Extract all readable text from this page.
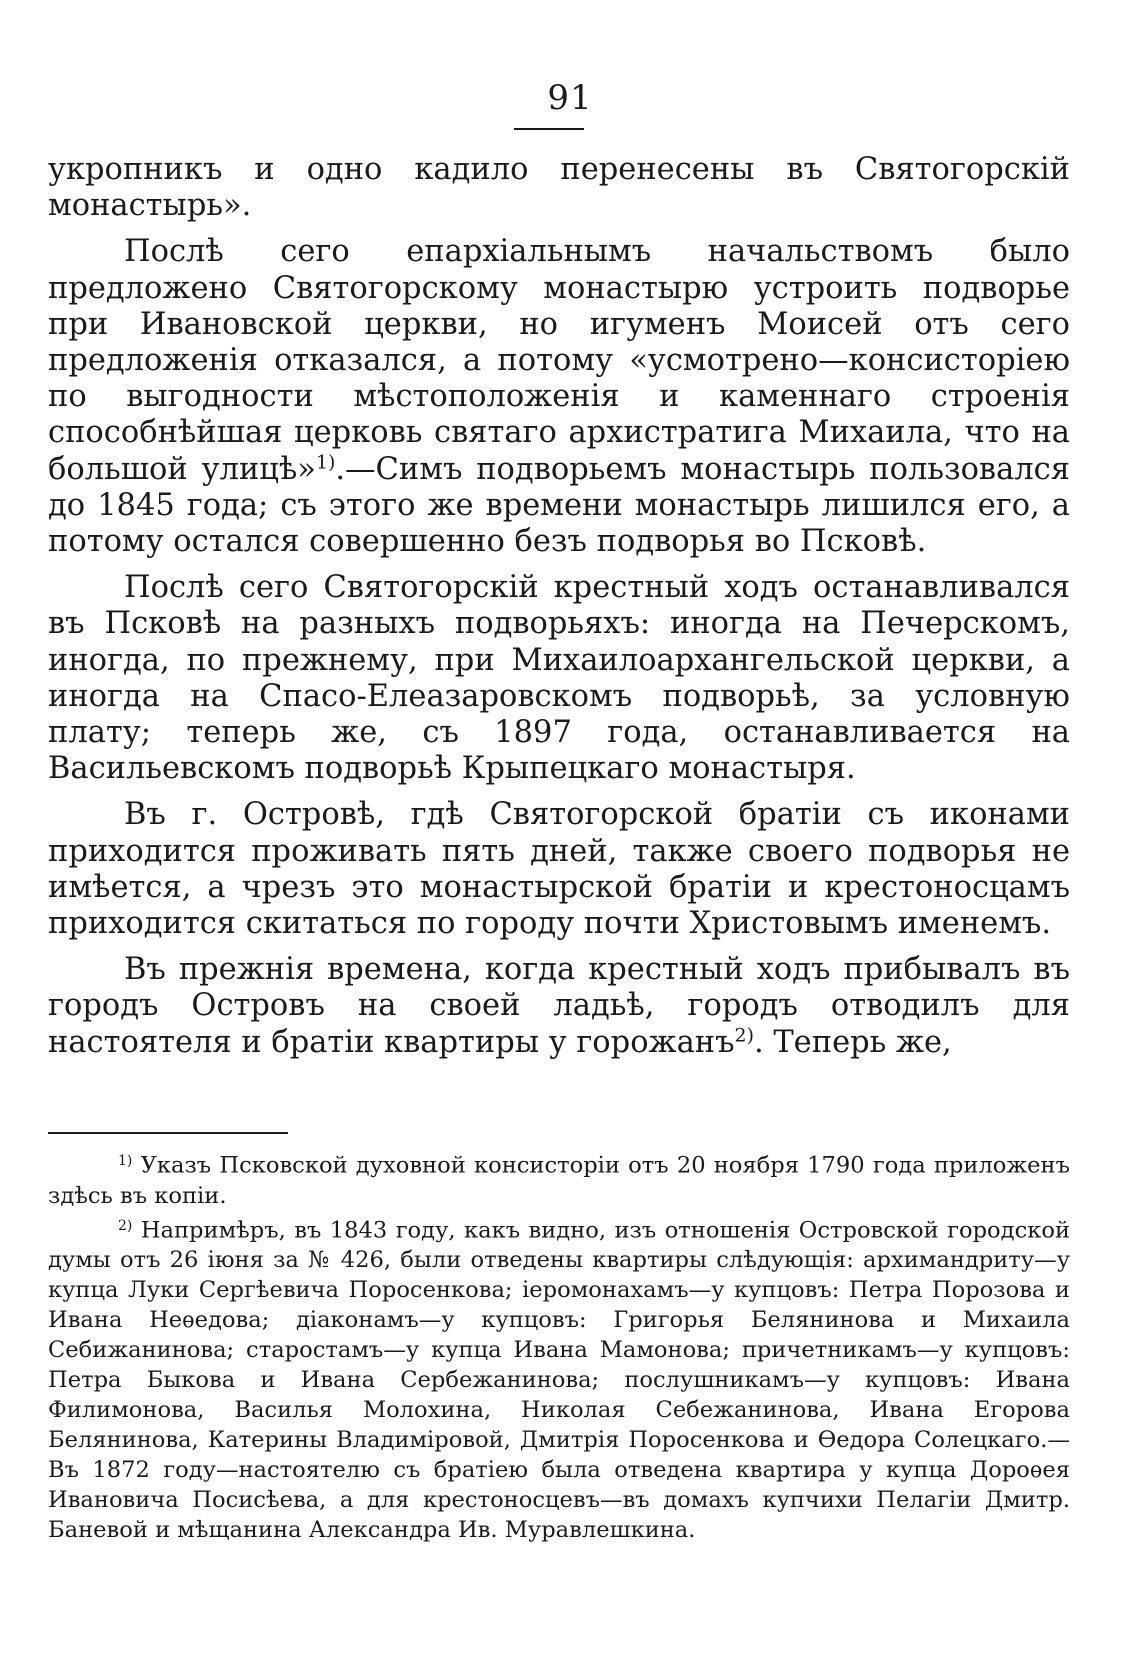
91

укропникъ и одно кадило перенесены въ Святогорскій монастырь».

Послѣ сего епархіальнымъ начальствомъ было предложено Святогорскому монастырю устроить подворье при Ивановской церкви, но игуменъ Моисей отъ сего предложенія отказался, а потому «усмотрено—консисторіею по выгодности мѣстоположенія и каменнаго строенія способнѣйшая церковь святаго архистратига Михаила, что на большой улицѣ»$^{1)}$.—Симъ подворьемъ монастырь пользовался до 1845 года; съ этого же времени монастырь лишился его, а потому остался совершенно безъ подворья во Псковѣ.

Послѣ сего Святогорскій крестный ходъ останавливался въ Псковѣ на разныхъ подворьяхъ: иногда на Печерскомъ, иногда, по прежнему, при Михаилоархангельской церкви, а иногда на Спасо-Елеазаровскомъ подворьѣ, за условную плату; теперь же, съ 1897 года, останавливается на Васильевскомъ подворьѣ Крыпецкаго монастыря.

Въ г. Островѣ, гдѣ Святогорской братіи съ иконами приходится проживать пять дней, также своего подворья не имѣется, а чрезъ это монастырской братіи и крестоносцамъ приходится скитаться по городу почти Христовымъ именемъ.

Въ прежнія времена, когда крестный ходъ прибывалъ въ городъ Островъ на своей ладьѣ, городъ отводилъ для настоятеля и братіи квартиры у горожанъ$^{2)}$. Теперь же,

$^{1)}$ Указъ Псковской духовной консисторіи отъ 20 ноября 1790 года приложенъ здѣсь въ копіи.

$^{2)}$ Напримѣръ, въ 1843 году, какъ видно, изъ отношенія Островской городской думы отъ 26 іюня за № 426, были отведены квартиры слѣдующія: архимандриту—у купца Луки Сергѣевича Поросенкова; іеромонахамъ—у купцовъ: Петра Порозова и Ивана Неѳедова; діаконамъ—у купцовъ: Григорья Белянинова и Михаила Себижанинова; старостамъ—у купца Ивана Мамонова; причетникамъ—у купцовъ: Петра Быкова и Ивана Сербежанинова; послушникамъ—у купцовъ: Ивана Филимонова, Василья Молохина, Николая Себежанинова, Ивана Егорова Белянинова, Катерины Владиміровой, Дмитрія Поросенкова и Ѳедора Солецкаго.—Въ 1872 году—настоятелю съ братіею была отведена квартира у купца Дороѳея Ивановича Посисѣева, а для крестоносцевъ—въ домахъ купчихи Пелагіи Дмитр. Баневой и мѣщанина Александра Ив. Муравлешкина.
